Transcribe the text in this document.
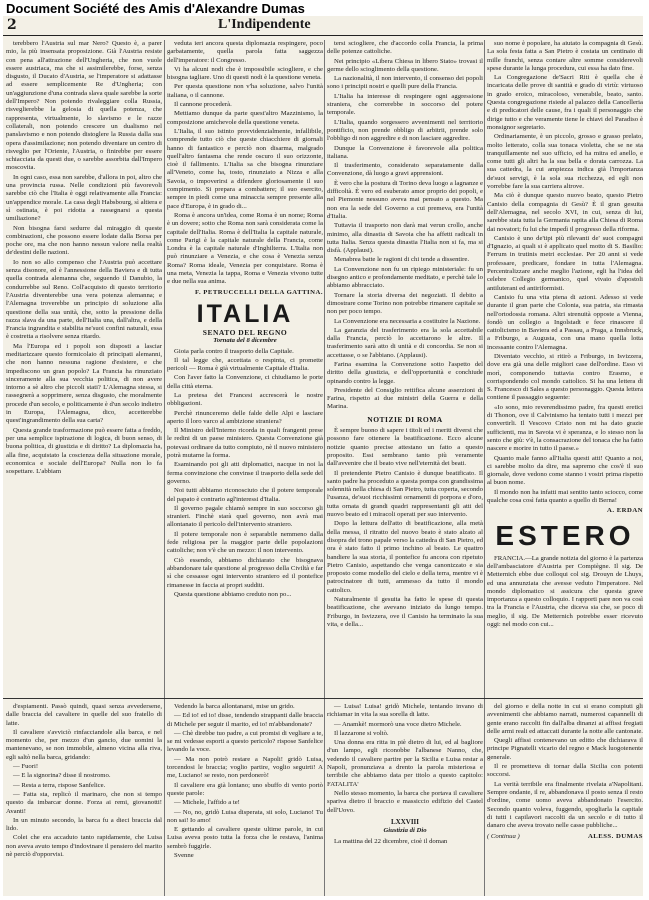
Document Société des Amis d'Alexandre Dumas
2	L'Indipendente

terebbero l'Austria sul mar Nero? Questo è, a parer mio, la più insensata proposizione. Già l'Austria resiste con pena all'attrazione dell'Ungheria, che non vuole essere austriaca, ma che si assimilerebbe, forse, senza disgusto, il Ducato d'Austria, se l'imperatore si adattasse ad essere semplicemente Re d'Ungheria; con un'aggiunzione d'una contrada slava quale sarebbe la sorte dell'Impero? Non potendo rivaleggiare colla Russia, risveglierebbe la gelosia di quella potenza, che rappresenta, virtualmente, lo slavismo e le razze collaterali, non potendo crescere un dualismo nel panslavismo e non potendo distoglere la Russia dalla sua opera d'assimilazione; non potendo diventare un centro di risveglio per l'Oriente, l'Austria, o finirebbe per essere schiacciata da questi due, o sarebbe assorbita dall'Impero moscovita.

In ogni caso, essa non sarebbe, d'allora in poi, altro che una provincia russa. Nelle condizioni più favorevoli sarebbe ciò che l'Italia è oggi relativamente alla Francia: un'appendice morale. La casa degli Habsbourg, sì altiera e sì ostinata, è poi ridotta a rassegnarsi a questa umiliazione?

Non bisogna farsi sedurre dal miraggio di queste combinazioni, che possono essere lodate dalla Borsa per poche ore, ma che non hanno nessun valore nella realtà de'destini delle nazioni.

Io non so allo compenso che l'Austria può accettare senza disonore, ed è l'annessione della Baviera e di tutta quella contrada alemanna che, seguendo il Danubio, la condurrebbe sul Reno. Coll'acquisto di questo territorio l'Austria diventerebbe una vera potenza alemanna; e l'Alemagna troverebbe un principio di soluzione alla questione della sua unità, che, sotto la pressione della razza slava da una parte, dell'Italia una, dall'altra, e della Francia ingrandita e stabilita ne'suoi confini naturali, essa è costretta a risolvere senza ritardo.

Ma l'Europa ed i popoli son disposti a lasciar meditarizzare questo formicolaio di principati alemanni, che non hanno nessuna ragione d'esistere, e che impediscono un gran popolo? La Francia ha rinunziato sinceramente alla sua vecchia politica, di non avere intorno a sè altro che piccoli stati? L'Alemagna stessa, si rassegnerà a sopprimere, senza disgusto, che moralmente procede d'un secolo, e politicamente è d'un secolo indietro in Europa, l'Alemagna, dico, accetterebbe quest'ingrandimento della sua carta?

Questa grande trasformazione può essere fatta a freddo, per una semplice ispirazione di logica, di buon senso, di buona politica, di giustizia e di diritto? La diplomazia ha, alla fine, acquistato la coscienza della situazione morale, economica e sociale dell'Europa? Nulla non lo fa sospettare. L'abbiam

veduta ieri ancora questa diplomazia respingere, poco garbatamente, quella parola fatta saggezza dell'imperatore: il Congresso.

Vi ha alcuni nodi che è impossibile sciogliere, e che bisogna tagliare. Uno di questi nodi è la questione veneta.

Per questa questione non v'ha soluzione, salvo l'unità italiana, o il cannone.

Il cannone procederà.

Mettiamo dunque da parte quest'altro Mazzinismo, la composizione amichevole della questione veneta.

L'Italia, il suo istinto provvidenzialmente, infallibile, comprende tutto ciò che queste chiacchiere di giornali hanno di fantastico e perciò non disarma, malgrado quell'altro fantasma che rende oscuro il suo orizzonte, cioè il fallimento. L'Italia sa che bisogna rinunziare all'Veneto, come ha, tosto, rinunziato a Nizza e alla Savoia, o impoverirsi a difendere gloriosamente il suo compimento. Si prepara a combattere; il suo esercito, sempre in piedi come una minaccia sempre presente alla pace d'Europa, è in grado di...

Roma è ancora un'idea, come Roma è un nome; Roma è un dovere; sotto che Roma non sarà considerata come la capitale dell'Italia. Roma è dell'Italia la capitale naturale, come Parigi è la capitale naturale della Francia, come Londra è la capitale naturale d'Inghilterra. L'Italia non può rinunziare a Venezia, e che cosa è Venezia senza Roma? Roma ideale, Venezia per conquistare. Roma è una meta, Venezia la tappa, Roma e Venezia vivono tutte e due nella sua anima.

F. PETRUCCELLI DELLA GATTINA.
ITALIA
SENATO DEL REGNO
Tornata del 8 dicembre

Gioia parla contro il trasporto della Capitale.

Il tal legge che, accettata o respinta, ci promette pericoli — Roma è già virtualmente Capitale d'Italia.

Con l'aver fatto la Convenzione, ci chiudiamo le porte della città eterna.

La pretesa dei Francesi accrescerà le nostre obbligazioni.

Perchè rinunceremo delle falde delle Alpi e lasciare aperto il loro varco al ambizione straniera?

Il Ministro dell'Interno ricorda in quali frangenti prese le redini di un paese ministero. Questa Convenzione già potevasi ordinare da tutto compiuto, nè il nuovo ministero potrà mutarne la forma.

Esaminando poi gli atti diplomatici, nacque in noi la ferma convinzione che convinse il trasporto della sede del governo.

Noi tutti abbiamo riconosciuto che il potere temporale del papato è contrario agl'interessi d'Italia.

Il governo pagale chiamò sempre in suo soccorso gli stranieri. Finchè starà quel governo, non avrà mai allontanato il pericolo dell'intervento straniero.

Il potere temporale non è separabile nemmeno dalla fede religiosa per la maggior parte delle popolazioni cattoliche; non v'è che un mezzo: il non intervento.

Ciò essendo, abbiamo dichiarato che bisognava abbandonare tale questione al progresso della Civiltà e far sì che cessasse ogni intervento straniero ed il pontefice rimanesse in faccia ai propri sudditi.

Questa questione abbiamo creduto non po...

tersi sciogliere, che d'accordo colla Francia, la prima delle potenze cattoliche.

Nei principio «Libera Chiesa in libero Stato» trovasi il germe dello scioglimento della questione.

La nazionalità, il non intervento, il consenso dei popoli sono i principii nostri e quelli pure della Francia.

L'Italia ha interesse di respingere ogni aggressione straniera, che correrebbe in soccorso del potere temporale.

L'Italia, quando sorgessero avvenimenti nel territorio pontificio, non prende obbligo di arbitrii, prende solo l'obbligo di non aggredire e di non lasciare aggredire.

Dunque la Convenzione è favorevole alla politica italiana.

Il trasferimento, considerato separatamente dalla Convenzione, dà luogo a gravi apprensioni.

È vero che la postura di Torino deva luogo a lagnanze e difficoltà. È vero ed esuberato amor proprio dei popoli, e nel Piemonte nessuno aveva mai pensato a questo. Ma non era la sede del Governo a cui premeva, era l'unità d'Italia.

Tuttavia il trasporto non darà mai verun crollo, anche minimo, alla dinastia di Savoia che ha affetti radicali in tutta Italia. Senza questa dinastia l'Italia non si fa, ma si disfà. (Applausi).

Menabrea batte le ragioni di chi tende a dissentire.

La Convenzione non fu un ripiego ministeriale: fu un disegno antico e profondamente meditato, e perchè tale lo abbiamo abbracciato.

Tornare la storia diversa dei negoziati. Il debito a dimostrare come Torino non potrebbe rimanere capitale se non per poco tempo.

La Convenzione era necessaria a costituire la Nazione.

La garanzia del trasferimento era la sola accettabile dalla Francia, perciò lo accettarono le altre. Il trasferimento sarà atto di unità e di concordia. Se non si accettasse, o se l'abbiano. (Applausi).

Farina esamina la Convenzione sotto l'aspetto del diritto della giustizia, e dell'opportunità e conchiude opinando contro la legge.

Presidente del Consiglio rettifica alcune asserzioni di Farina, rispetto ai due ministri della Guerra e della Marina.

NOTIZIE DI ROMA

È sempre buono di sapere i titoli ed i meriti diversi che possono fare ottenere la beatificazione. Ecco alcune notizie quanto precise attestano un fatto a questo proposito. Essi sembrano tanto più veramente dall'avvenire che il beato vive nell'eternità dei beati.

Il pretendente Pietro Canisio è dunque beatificato. Il santo padre ha proceduto a questa pompa con grandissima solennità nella chiesa di San Pietro, tutta coperta, secondo l'usanza, de'suoi ricchissimi ornamenti di porpora e d'oro, tutta ornata di grandi quadri rappresentanti gli atti del nuovo beato ed i miracoli operati per suo intervento.

Dopo la lettura dell'atto di beatificazione, alla metà della messa, il ritratto del nuovo beato è stato alzato al disopra del trono papale verso la cattedra di San Pietro, ed ora è stato fatto il primo inchino al beato. Le quattro bandiere la sua storia, il pontefice fu ancora con ripetuto Pietro Canisio, aspettando che venga canonizzato e sia proposto come modello del cielo e della terra, mentre vi è patrocinatore di tutti, ammesso da tutto il mondo cattolico.

Naturalmente il gesuita ha fatto le spese di questa beatificazione, che avevano iniziato da lungo tempo. Friburgo, in Isvizzera, ove il Canisio ha terminato la sua vita, e della...

suo nome è popolare, ha aiutato la compagnia di Gesù. La sola festa fatta a San Pietro è costata un centinaio di mille franchi, senza contare altre somme considerevoli spese durante la lunga procedura, cui essa ha dato fine.

La Congregazione de'Sacri Riti è quella che è incaricata delle prove di santità e grado di virtù: virtuoso in grado eroico, miracoloso, venerabile, beato, santo. Questa congregazione risiede al palazzo della Cancelleria e di predicatori delle cause, fra i quali il personaggio che dirige tutto e che veramente tiene le chiavi del Paradiso è monsignor segretario.

Ordinariamente, è un piccolo, grosso e grasso prelato, molto letterato, colla sua tonaca violetta, che se ne sta tranquillamente nel suo ufficio, ed ha mitra ed anello, e come tutti gli altri ha la sua bella e dorata carrozza. La sua cattedra, la cui ampiezza indica già l'importanza de'suoi servigi, è la sola sua ricchezza, ed egli non vorrebbe fare la sua carriera altrove.

Ma ciò è dunque questo nuovo beato, questo Pietro Canisio della compagnia di Gesù? È il gran gesuita dell'Alemagna, nel secolo XVI, in cui, senza di lui, sarebbe stata tutta la Germania rapita alla Chiesa di Roma dai novatori; fu lui che impedì il progresso della riforma.

Canisio è uno de'tipi più rilevanti de' suoi compagni d'Ignazio, ai quali si è applicato quel motto di S. Basilio: Ferrum in trutinis metri ecclesiae. Per 20 anni si vede professare, predicare, fondare in tutta l'Alemagna. Percentralizzare anche meglio l'azione, egli ha l'idea del celebre Collegio germanico, quel vivaio d'apostoli antiluterani ed antiriformisti.

Canisio fu una vita piena di azioni. Adesso si vede durante il gran parte che Colonia, sua patria, sia rimasta nell'ortodossia romana. Altri strenuità opposte a Vienna, fondò un collegio a Ingolstadt e fece rinascere il cattolicismo in Baviera ed a Passau, a Praga, a Innsbruck, a Friburgo, a Augusta, con una mano quella lotta incessante contro l'Alemagna.

Diventato vecchio, si ritirò a Friburgo, in Isvizzera, dove era già una delle migliori case dell'ordine. Esso vi morì, componendo tuttavia contro Erasmo, e corrispondendo col mondo cattolico. Si ha una lettera di S. Francesco di Sales a questo personaggio. Questa lettera contiene il passaggio seguente:

«Io sono, mio reverendissimo padre, fra questi eretici di Thonon, ove il Calvinismo ha tentato tutti i mezzi per convertirli. Il Vescovo Cristo non mi ha dato grazie sufficienti, ma in Savoia vi è speranza, e lo stesso non la sento che giù: v'è, la consacrazione del tonaca che ha fatto nascere e morire in tutto il paese.»

Quanto male fanno all'Italia questi atti! Quanto a noi, ci sarebbe molto da dire, ma sapremo che cos'è il suo giornale, dove vedono come stanno i vostri prima rispetto al buon nome.

Il mondo non ha infatti mai sentito tanto sciocco, come qualche cosa così fatta quanto a quello di Berna!

A. ERDAN
ESTERO

FRANCIA.—La grande notizia del giorno è la partenza dell'ambasciatore d'Austria per Compiègne. Il sig. De Metternich ebbe due colloqui col sig. Drouyn de Lhuys, ed una annunziata che avesse veduto l'imperatore. Nel mondo diplomatico si assicura che questa grave importanza a questo colloquio. I rapporti pare non va così tra la Francia e l'Austria, che diceva sia che, se poco di meglio, il sig. De Metternich potrebbe esser ricevuto oggi: nel modo con cui...

d'espiamenti. Passò quindi, quasi senza avvedersene, dalle braccia del cavaliere in quelle del suo fratello di latte.

Il cavaliere s'avviciò rinfacciandole alla barca, e nel momento che, per mezzo d'un gancio, due uomini la mantenevano, se non immobile, almeno vicina alla riva, egli saltò nella barca, gridando:

— Fuori!

— E la signorina? disse il nostromo.

— Resta a terra, rispose Sanfelice.

— Fatta sta, replicò il marinaro, che non si tempo questo da imbarcar donne. Forza ai remi, giovanotti! Avanti!

In un minuto secondo, la barca fu a dieci braccia dal lido.

Colei che era accaduto tanto rapidamente, che Luisa non aveva avuto tempo d'indovinare il pensiero del marito nè perciò d'opporvisi.

Vedendo la barca allontanarsi, mise un grido.

— Ed io! ed io! disse, tendendo strappanti dalle braccia di Michele per seguir il marito, ed io! m'abbandonate?

— Chè direbbe tuo padre, a cui promisi di vegliare a te, se mi vedesse esporti a questo pericolo? rispose Sanfelice levando la voce.

— Ma non potrò restare a Napoli! gridò Luisa, torcendosi le braccia; voglio partire, voglio seguirti! A me, Luciano! se resto, non perdonerò!

Il cavaliere era già lontano; uno sbuffo di vento portò queste parole:

— Michele, l'affido a te!

— No, no, gridò Luisa disperata, sii solo, Luciano! Tu non sai! Io amo!

E gettando al cavaliere queste ultime parole, in cui Luisa aveva posto tutta la forza che le restava, l'anima sembrò fuggirle.

Svenne

— Luisa! Luisa! gridò Michele, tentando invano di richiamar in vita la sua sorella di latte.

— Anamkè! mormorò una voce dietro Michele.

Il lazzarone si voltò.

Una donna era ritta in piè dietro di lui, ed al bagliore d'un lampo, egli riconobbe l'albanese Nanno, che, vedendo il cavaliere partire per la Sicilia e Luisa restar a Napoli, pronunziava a drento la parola misteriosa e terribile che abbiamo data per titolo a questo capitolo: FATALITA'

Nello stesso momento, la barca che portava il cavaliere spariva dietro il braccio e massiccio edifizio del Castel dell'Uovo.

LXXVIII
Giustizia di Dio

La mattina del 22 dicembre, cioè il doman

del giorno e della notte in cui si erano compiuti gli avvenimenti che abbiamo narrati, numerosi capannelli di gente erano raccolti fin dall'alba dinanzi ai affissi fregiati delle armi reali ed attaccati durante la notte alle cantonate.

Quegli affissi contenevano un editto che dichiarava il principe Pignatelli vicario del regno e Mack luogotenente generale.

Il re prometteva di tornar dalla Sicilia con potenti soccorsi.

La verità terribile era finalmente rivelata a'Napolitani. Sempre ondante, il re, abbandonava il posto senza il resto d'ordine, come uomo aveva abbandonato l'esercito. Secondo quanto voleva, fuggendo, spogliarla la capitale di tutti i capilavori raccolti da un secolo e di tutto il danaro che aveva trovato nelle casse pubbliche...

( Continua )	ALESS. DUMAS
